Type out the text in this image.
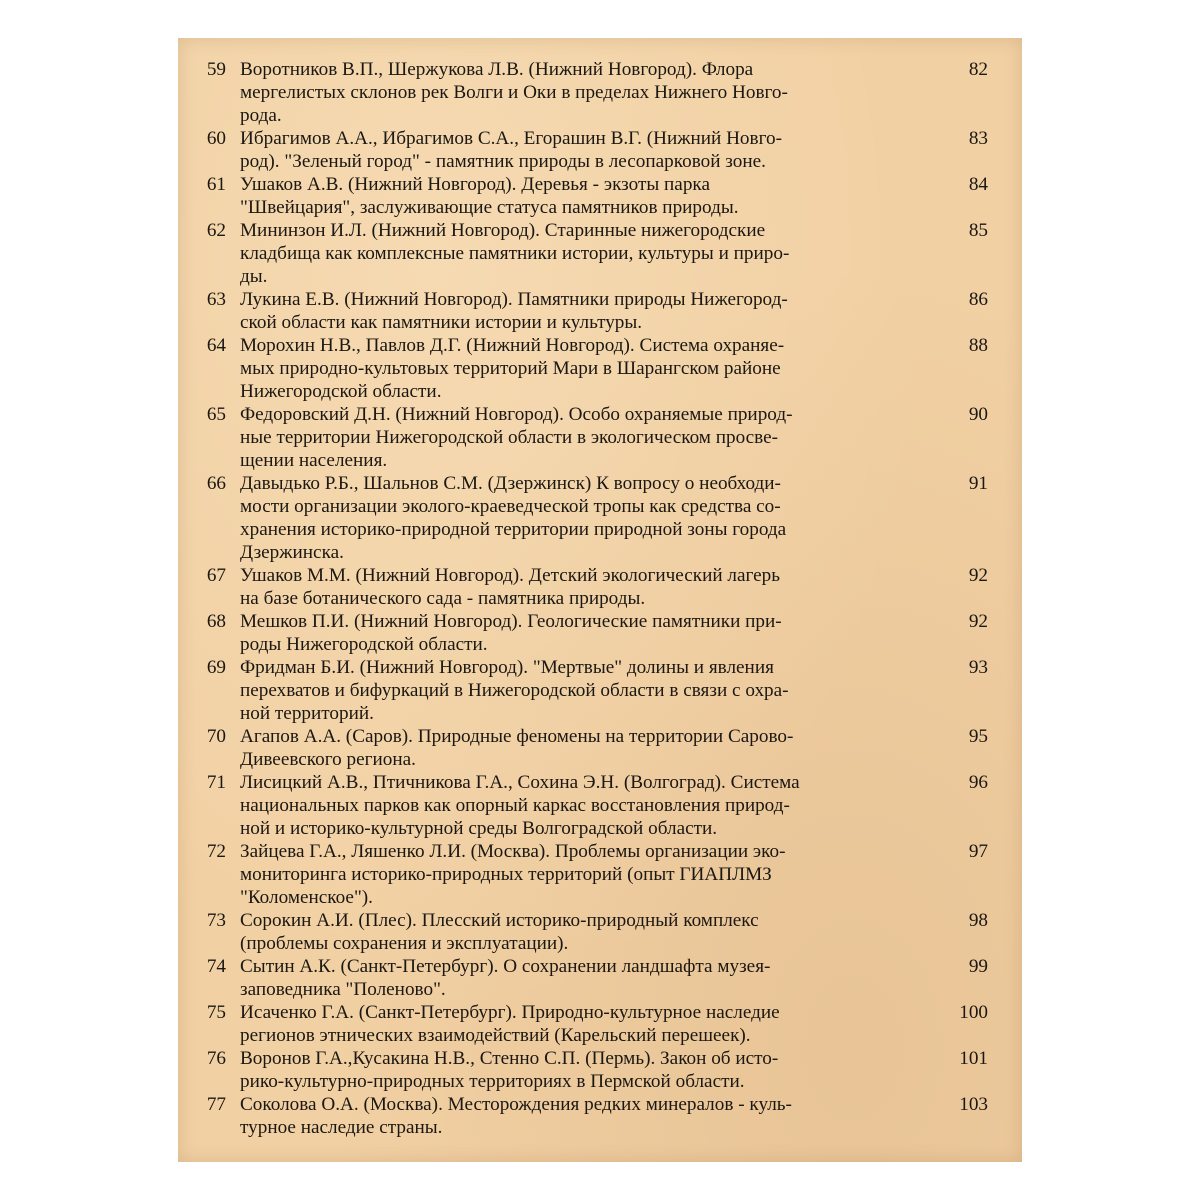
59 Воротников В.П., Шержукова Л.В. (Нижний Новгород). Флора
мергелистых склонов рек Волги и Оки в пределах Нижнего Новго-
рода.
82
60 Ибрагимов А.А., Ибрагимов С.А., Егорашин В.Г. (Нижний Новго-
род). "Зеленый город" - памятник природы в лесопарковой зоне.
83
61 Ушаков А.В. (Нижний Новгород). Деревья - экзоты парка
"Швейцария", заслуживающие статуса памятников природы.
84
62 Мининзон И.Л. (Нижний Новгород). Старинные нижегородские
кладбища как комплексные памятники истории, культуры и приро-
ды.
85
63 Лукина Е.В. (Нижний Новгород). Памятники природы Нижегород-
ской области как памятники истории и культуры.
86
64 Морохин Н.В., Павлов Д.Г. (Нижний Новгород). Система охраняе-
мых природно-культовых территорий Мари в Шарангском районе
Нижегородской области.
88
65 Федоровский Д.Н. (Нижний Новгород). Особо охраняемые природ-
ные территории Нижегородской области в экологическом просве-
щении населения.
90
66 Давыдько Р.Б., Шальнов С.М. (Дзержинск) К вопросу о необходи-
мости организации эколого-краеведческой тропы как средства со-
хранения историко-природной территории природной зоны города
Дзержинска.
91
67 Ушаков М.М. (Нижний Новгород). Детский экологический лагерь
на базе ботанического сада - памятника природы.
92
68 Мешков П.И. (Нижний Новгород). Геологические памятники при-
роды Нижегородской области.
92
69 Фридман Б.И. (Нижний Новгород). "Мертвые" долины и явления
перехватов и бифуркаций в Нижегородской области в связи с охра-
ной территорий.
93
70 Агапов А.А. (Саров). Природные феномены на территории Сарово-
Дивеевского региона.
95
71 Лисицкий А.В., Птичникова Г.А., Сохина Э.Н. (Волгоград). Система
национальных парков как опорный каркас восстановления природ-
ной и историко-культурной среды Волгоградской области.
96
72 Зайцева Г.А., Ляшенко Л.И. (Москва). Проблемы организации эко-
мониторинга историко-природных территорий (опыт ГИАПЛМЗ
"Коломенское").
97
73 Сорокин А.И. (Плес). Плесский историко-природный комплекс
(проблемы сохранения и эксплуатации).
98
74 Сытин А.К. (Санкт-Петербург). О сохранении ландшафта музея-
заповедника "Поленово".
99
75 Исаченко Г.А. (Санкт-Петербург). Природно-культурное наследие
регионов этнических взаимодействий (Карельский перешеек).
100
76 Воронов Г.А.,Кусакина Н.В., Стенно С.П. (Пермь). Закон об исто-
рико-культурно-природных территориях в Пермской области.
101
77 Соколова О.А. (Москва). Месторождения редких минералов - куль-
турное наследие страны.
103
